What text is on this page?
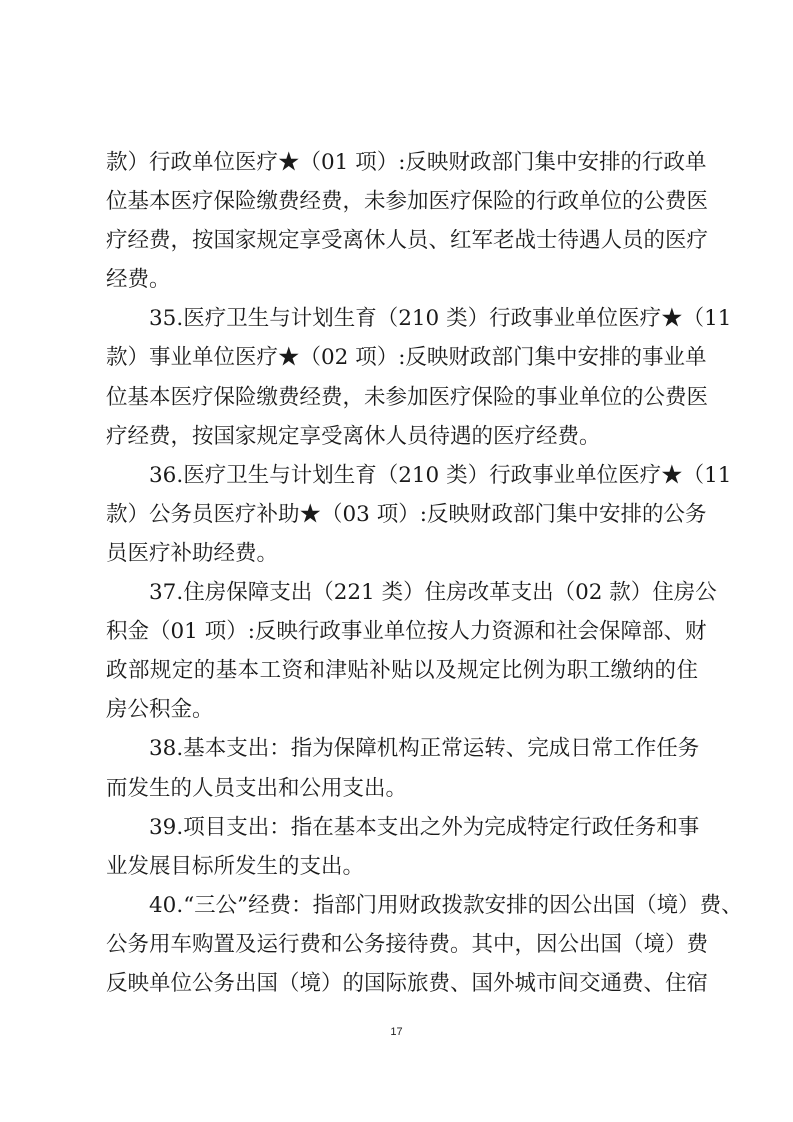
款）行政单位医疗★（01 项）:反映财政部门集中安排的行政单
位基本医疗保险缴费经费，未参加医疗保险的行政单位的公费医
疗经费，按国家规定享受离休人员、红军老战士待遇人员的医疗
经费。
35.医疗卫生与计划生育（210 类）行政事业单位医疗★（11
款）事业单位医疗★（02 项）:反映财政部门集中安排的事业单
位基本医疗保险缴费经费，未参加医疗保险的事业单位的公费医
疗经费，按国家规定享受离休人员待遇的医疗经费。
36.医疗卫生与计划生育（210 类）行政事业单位医疗★（11
款）公务员医疗补助★（03 项）:反映财政部门集中安排的公务
员医疗补助经费。
37.住房保障支出（221 类）住房改革支出（02 款）住房公
积金（01 项）:反映行政事业单位按人力资源和社会保障部、财
政部规定的基本工资和津贴补贴以及规定比例为职工缴纳的住
房公积金。
38.基本支出：指为保障机构正常运转、完成日常工作任务
而发生的人员支出和公用支出。
39.项目支出：指在基本支出之外为完成特定行政任务和事
业发展目标所发生的支出。
40.“三公”经费：指部门用财政拨款安排的因公出国（境）费、
公务用车购置及运行费和公务接待费。其中，因公出国（境）费
反映单位公务出国（境）的国际旅费、国外城市间交通费、住宿
17
